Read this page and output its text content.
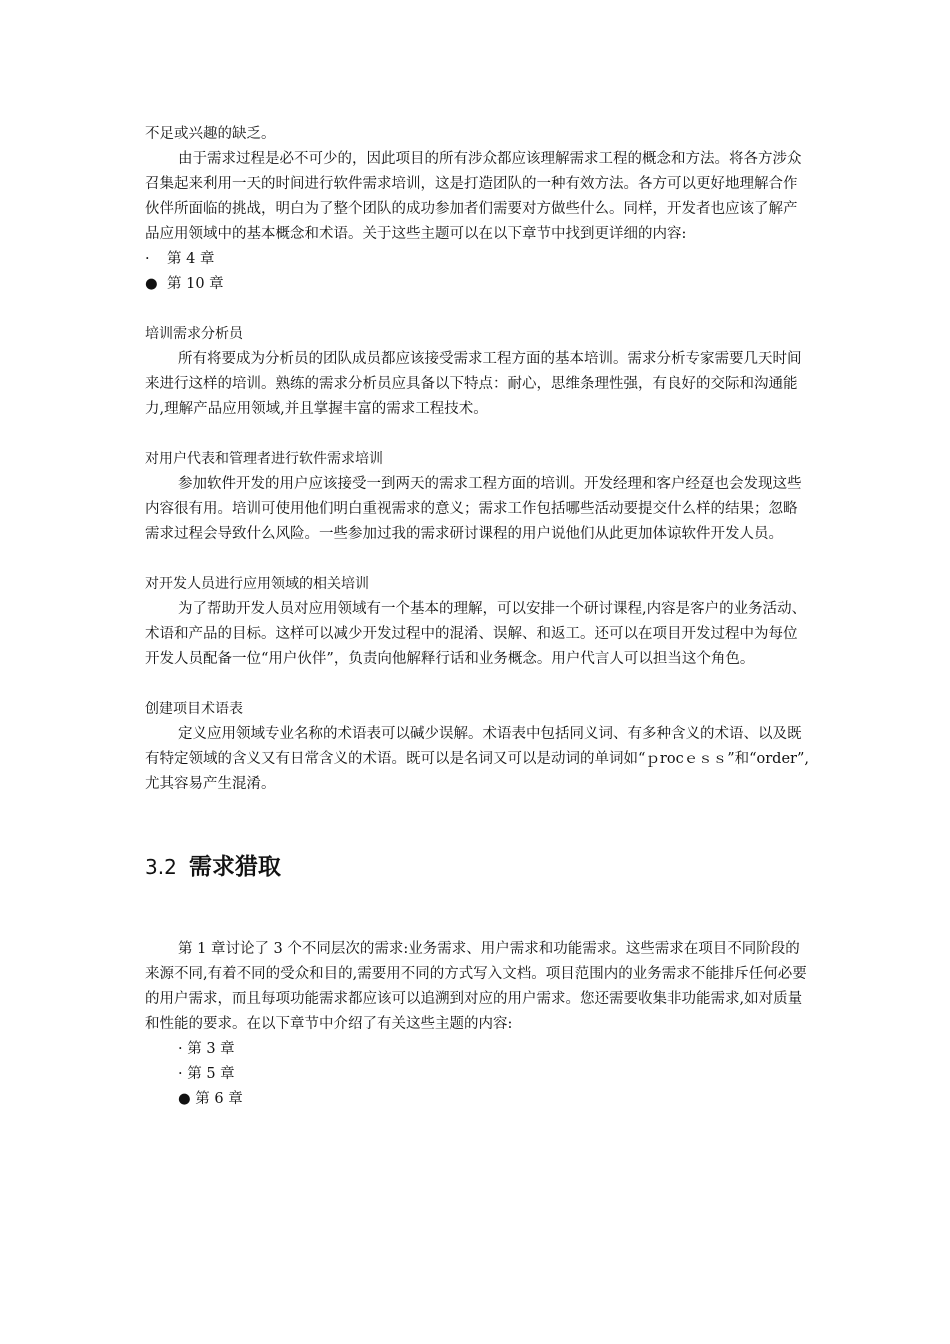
不足或兴趣的缺乏。

由于需求过程是必不可少的，因此项目的所有涉众都应该理解需求工程的概念和方法。将各方涉众召集起来利用一天的时间进行软件需求培训，这是打造团队的一种有效方法。各方可以更好地理解合作伙伴所面临的挑战，明白为了整个团队的成功参加者们需要对方做些什么。同样，开发者也应该了解产品应用领域中的基本概念和术语。关于这些主题可以在以下章节中找到更详细的内容:

· 第 4 章
● 第 10 章
培训需求分析员

所有将要成为分析员的团队成员都应该接受需求工程方面的基本培训。需求分析专家需要几天时间来进行这样的培训。熟练的需求分析员应具备以下特点：耐心，思维条理性强，有良好的交际和沟通能力,理解产品应用领域,并且掌握丰富的需求工程技术。

对用户代表和管理者进行软件需求培训

参加软件开发的用户应该接受一到两天的需求工程方面的培训。开发经理和客户经趸也会发现这些内容很有用。培训可使用他们明白重视需求的意义；需求工作包括哪些活动要提交什么样的结果；忽略需求过程会导致什么风险。一些参加过我的需求研讨课程的用户说他们从此更加体谅软件开发人员。

对开发人员进行应用领域的相关培训

为了帮助开发人员对应用领域有一个基本的理解，可以安排一个研讨课程,内容是客户的业务活动、术语和产品的目标。这样可以减少开发过程中的混淆、误解、和返工。还可以在项目开发过程中为每位开发人员配备一位“用户伙伴”，负责向他解释行话和业务概念。用户代言人可以担当这个角色。

创建项目术语表

定义应用领域专业名称的术语表可以碱少误解。术语表中包括同义词、有多种含义的术语、以及既有特定领域的含义又有日常含义的术语。既可以是名词又可以是动词的单词如“ｐrocｅｓｓ”和“order”,尤其容易产生混淆。

3.2 需求猎取

第 1 章讨论了 3 个不同层次的需求:业务需求、用户需求和功能需求。这些需求在项目不同阶段的来源不同,有着不同的受众和目的,需要用不同的方式写入文档。项目范围内的业务需求不能排斥任何必要的用户需求，而且每项功能需求都应该可以追溯到对应的用户需求。您还需要收集非功能需求,如对质量和性能的要求。在以下章节中介绍了有关这些主题的内容:

· 第 3 章
· 第 5 章
● 第 6 章
